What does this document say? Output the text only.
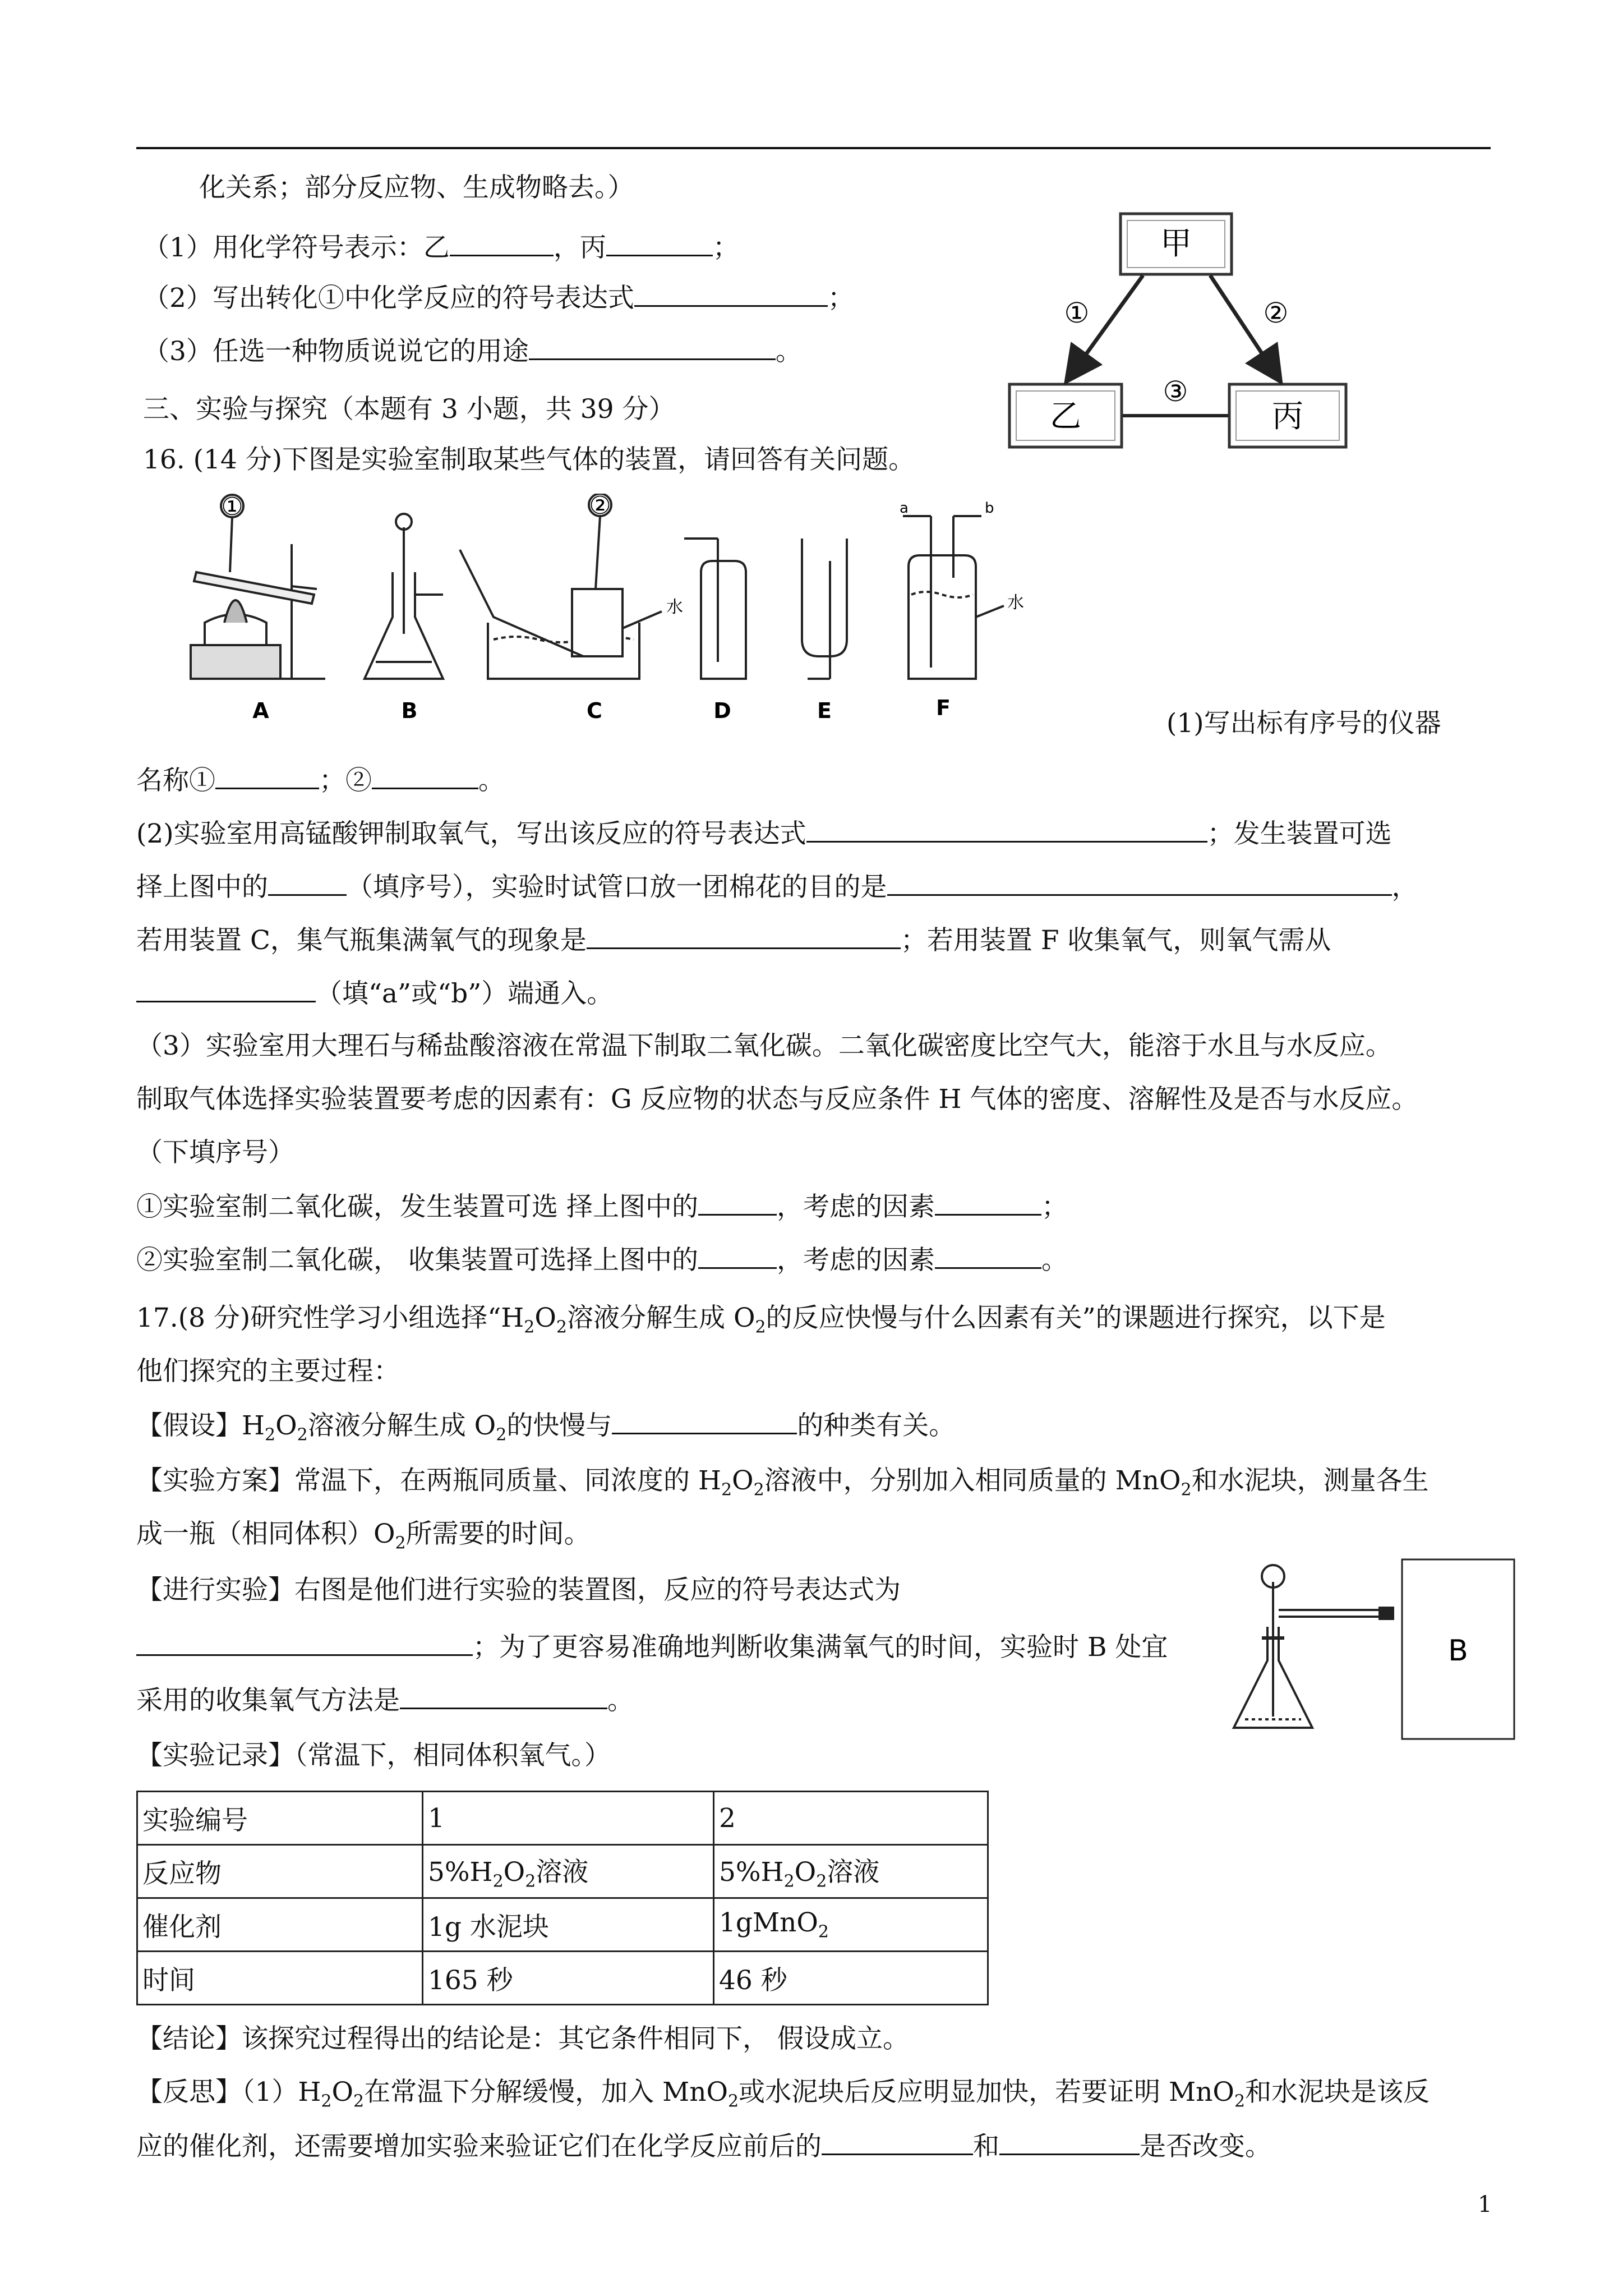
化关系；部分反应物、生成物略去。）
（1）用化学符号表示：乙	，丙	；
（2）写出转化①中化学反应的符号表达式	；
（3）任选一种物质说说它的用途	。
甲
乙	丙
①	②
③
三、实验与探究（本题有 3 小题，共 39 分）
16. (14 分)下图是实验室制取某些气体的装置，请回答有关问题。
①	②
水	水
a	b
A	B	C	D	E	F	(1)写出标有序号的仪器
名称①	；②	。
(2)实验室用高锰酸钾制取氧气，写出该反应的符号表达式	；发生装置可选
择上图中的	（填序号），实验时试管口放一团棉花的目的是	，
若用装置 C，集气瓶集满氧气的现象是	；若用装置 F 收集氧气，则氧气需从
（填“a”或“b”）端通入。
（3）实验室用大理石与稀盐酸溶液在常温下制取二氧化碳。二氧化碳密度比空气大，能溶于水且与水反应。
制取气体选择实验装置要考虑的因素有：G 反应物的状态与反应条件 H 气体的密度、溶解性及是否与水反应。
（下填序号）
①实验室制二氧化碳，发生装置可选 择上图中的	，考虑的因素	；
②实验室制二氧化碳， 收集装置可选择上图中的	，考虑的因素	。
17.(8 分)研究性学习小组选择“$H_2O_2$溶液分解生成 $O_2$的反应快慢与什么因素有关”的课题进行探究，以下是
他们探究的主要过程：
【假设】$H_2O_2$溶液分解生成 $O_2$的快慢与	的种类有关。
【实验方案】常温下，在两瓶同质量、同浓度的 $H_2O_2$溶液中，分别加入相同质量的 MnO$_2$和水泥块，测量各生
成一瓶（相同体积）$O_2$所需要的时间。
【进行实验】右图是他们进行实验的装置图，反应的符号表达式为
；为了更容易准确地判断收集满氧气的时间，实验时 B 处宜
采用的收集氧气方法是	。
B
【实验记录】（常温下，相同体积氧气。）
实验编号	1	2
反应物	$5\%H_2O_2$溶液	$5\%H_2O_2$溶液
催化剂	1g 水泥块	1gMnO$_2$
时间	165 秒	46 秒
【结论】该探究过程得出的结论是：其它条件相同下， 假设成立。
【反思】$(1)H_2O_2$在常温下分解缓慢，加入 MnO$_2$或水泥块后反应明显加快，若要证明 MnO$_2$和水泥块是该反
应的催化剂，还需要增加实验来验证它们在化学反应前后的	和	是否改变。
1
